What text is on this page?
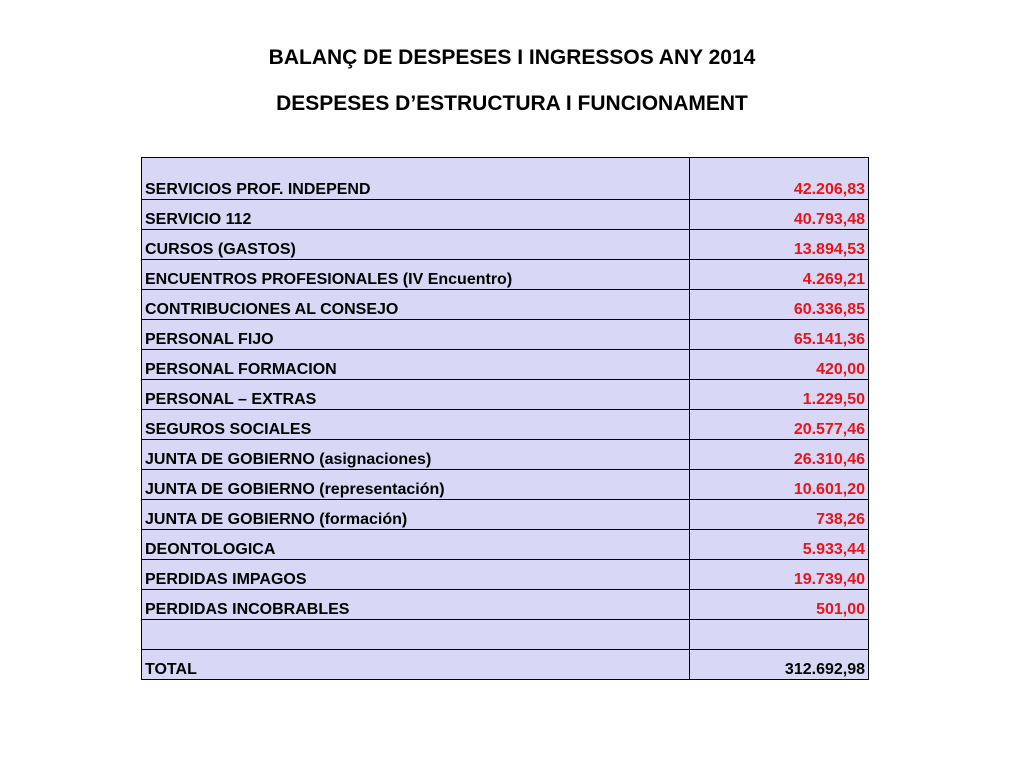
BALANÇ DE DESPESES I INGRESSOS ANY 2014
DESPESES D’ESTRUCTURA I FUNCIONAMENT
SERVICIOS PROF. INDEPEND	42.206,83
SERVICIO 112	40.793,48
CURSOS (GASTOS)	13.894,53
ENCUENTROS PROFESIONALES (IV Encuentro)	4.269,21
CONTRIBUCIONES AL CONSEJO	60.336,85
PERSONAL FIJO	65.141,36
PERSONAL FORMACION	420,00
PERSONAL – EXTRAS	1.229,50
SEGUROS SOCIALES	20.577,46
JUNTA DE GOBIERNO (asignaciones)	26.310,46
JUNTA DE GOBIERNO (representación)	10.601,20
JUNTA DE GOBIERNO (formación)	738,26
DEONTOLOGICA	5.933,44
PERDIDAS IMPAGOS	19.739,40
PERDIDAS INCOBRABLES	501,00

TOTAL	312.692,98
